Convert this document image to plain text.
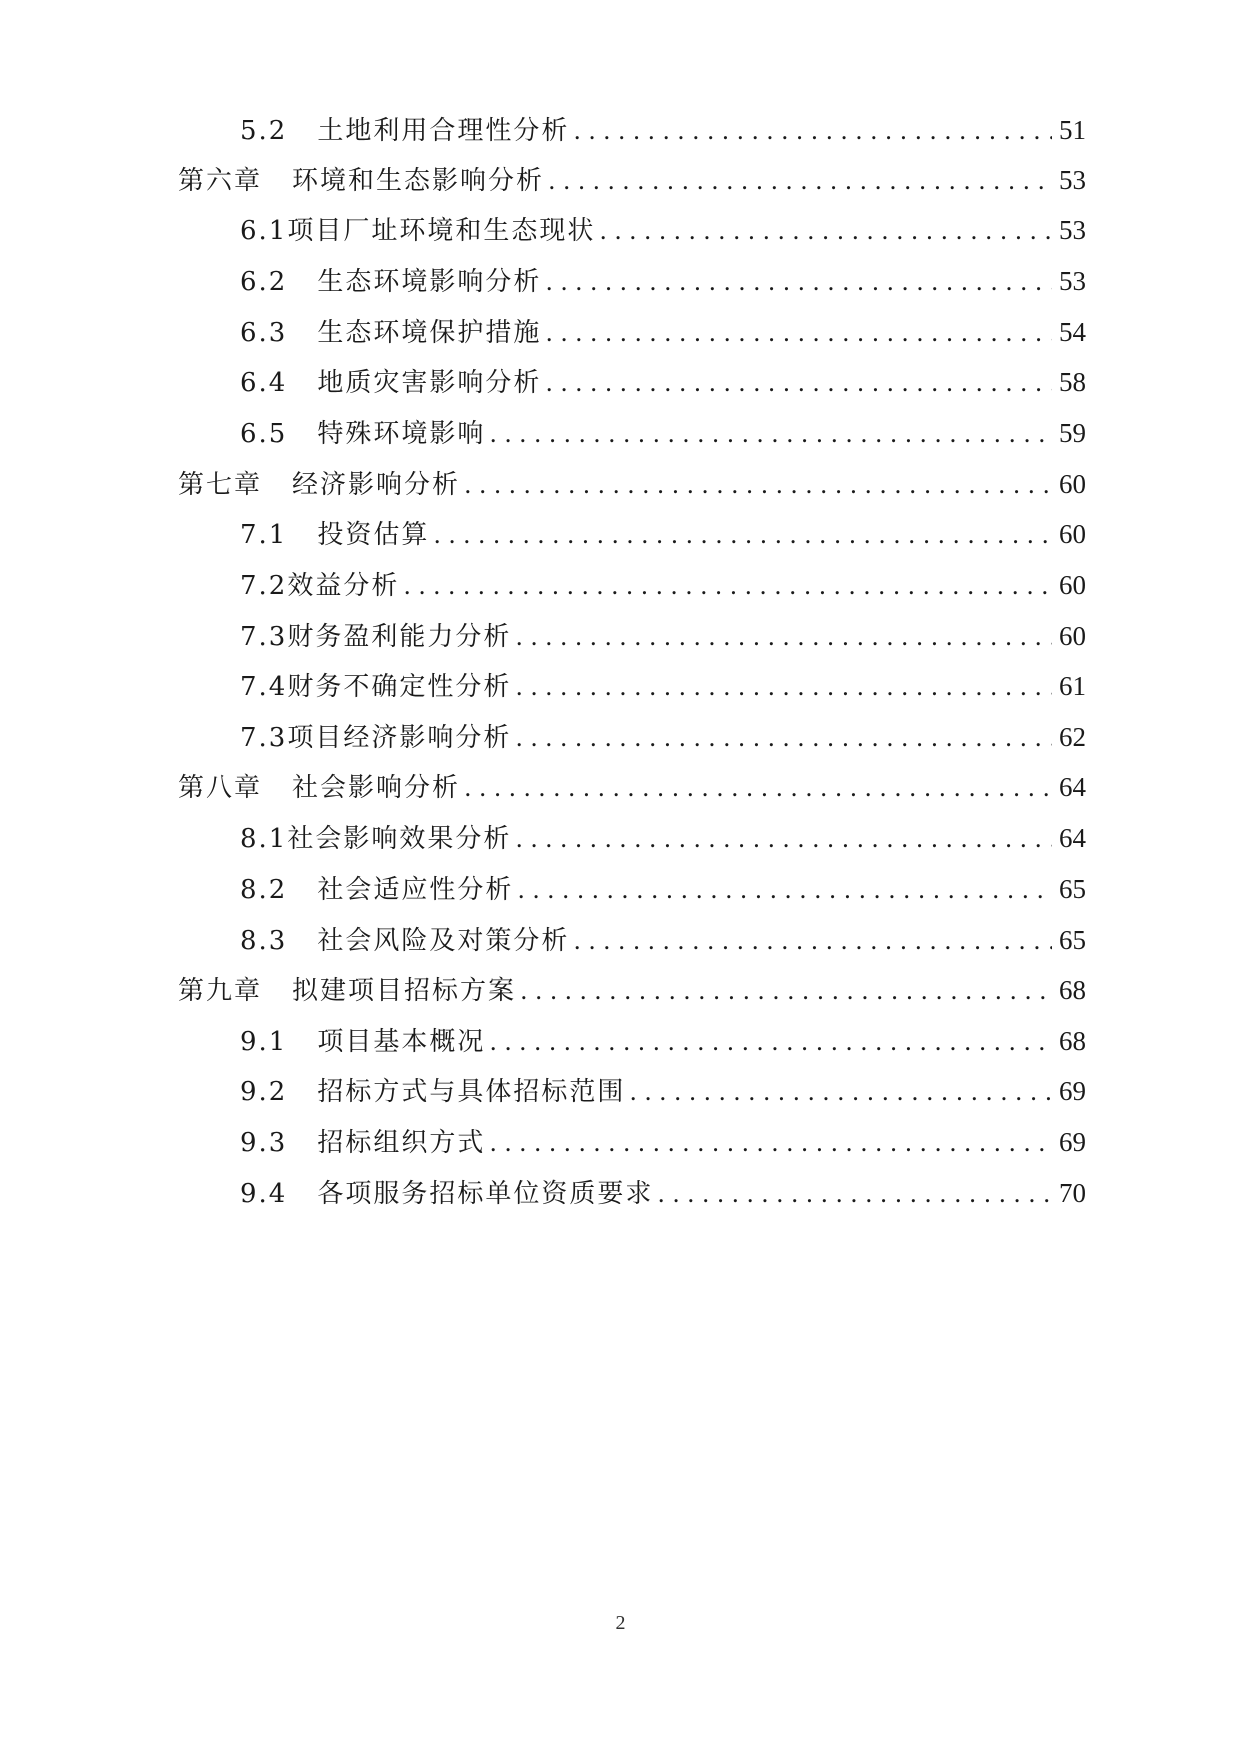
5.2 土地利用合理性分析 .....	51
第六章 环境和生态影响分析 .....	53
6.1项目厂址环境和生态现状 .....	53
6.2 生态环境影响分析 .....	53
6.3 生态环境保护措施 .....	54
6.4 地质灾害影响分析 .....	58
6.5 特殊环境影响 .....	59
第七章 经济影响分析 .....	60
7.1 投资估算 .....	60
7.2效益分析 .....	60
7.3财务盈利能力分析 .....	60
7.4财务不确定性分析 .....	61
7.3项目经济影响分析 .....	62
第八章 社会影响分析 .....	64
8.1社会影响效果分析 .....	64
8.2 社会适应性分析 .....	65
8.3 社会风险及对策分析 .....	65
第九章 拟建项目招标方案 .....	68
9.1 项目基本概况 .....	68
9.2 招标方式与具体招标范围 .....	69
9.3 招标组织方式 .....	69
9.4 各项服务招标单位资质要求 .....	70
2
